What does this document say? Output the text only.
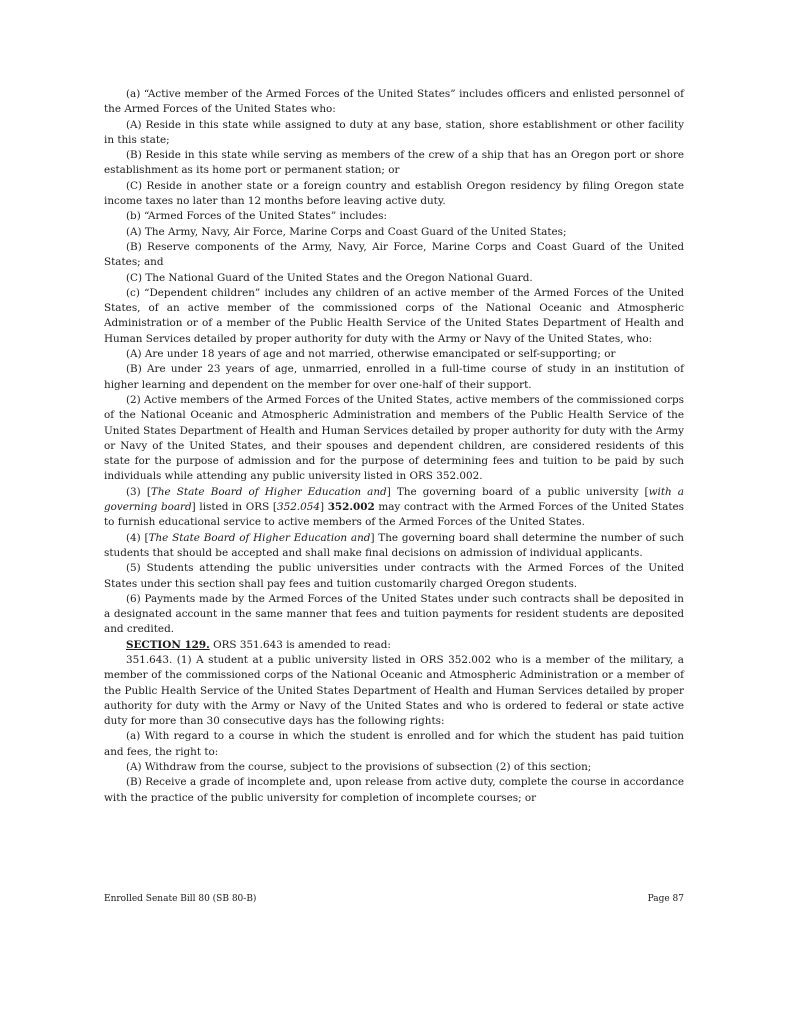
(a) “Active member of the Armed Forces of the United States” includes officers and enlisted personnel of the Armed Forces of the United States who:

(A) Reside in this state while assigned to duty at any base, station, shore establishment or other facility in this state;

(B) Reside in this state while serving as members of the crew of a ship that has an Oregon port or shore establishment as its home port or permanent station; or

(C) Reside in another state or a foreign country and establish Oregon residency by filing Oregon state income taxes no later than 12 months before leaving active duty.

(b) “Armed Forces of the United States” includes:

(A) The Army, Navy, Air Force, Marine Corps and Coast Guard of the United States;

(B) Reserve components of the Army, Navy, Air Force, Marine Corps and Coast Guard of the United States; and

(C) The National Guard of the United States and the Oregon National Guard.

(c) “Dependent children” includes any children of an active member of the Armed Forces of the United States, of an active member of the commissioned corps of the National Oceanic and Atmospheric Administration or of a member of the Public Health Service of the United States Department of Health and Human Services detailed by proper authority for duty with the Army or Navy of the United States, who:

(A) Are under 18 years of age and not married, otherwise emancipated or self-supporting; or

(B) Are under 23 years of age, unmarried, enrolled in a full-time course of study in an institution of higher learning and dependent on the member for over one-half of their support.

(2) Active members of the Armed Forces of the United States, active members of the commissioned corps of the National Oceanic and Atmospheric Administration and members of the Public Health Service of the United States Department of Health and Human Services detailed by proper authority for duty with the Army or Navy of the United States, and their spouses and dependent children, are considered residents of this state for the purpose of admission and for the purpose of determining fees and tuition to be paid by such individuals while attending any public university listed in ORS 352.002.

(3) [The State Board of Higher Education and] The governing board of a public university [with a governing board] listed in ORS [352.054] 352.002 may contract with the Armed Forces of the United States to furnish educational service to active members of the Armed Forces of the United States.

(4) [The State Board of Higher Education and] The governing board shall determine the number of such students that should be accepted and shall make final decisions on admission of individual applicants.

(5) Students attending the public universities under contracts with the Armed Forces of the United States under this section shall pay fees and tuition customarily charged Oregon students.

(6) Payments made by the Armed Forces of the United States under such contracts shall be deposited in a designated account in the same manner that fees and tuition payments for resident students are deposited and credited.

SECTION 129. ORS 351.643 is amended to read:

351.643. (1) A student at a public university listed in ORS 352.002 who is a member of the military, a member of the commissioned corps of the National Oceanic and Atmospheric Administration or a member of the Public Health Service of the United States Department of Health and Human Services detailed by proper authority for duty with the Army or Navy of the United States and who is ordered to federal or state active duty for more than 30 consecutive days has the following rights:

(a) With regard to a course in which the student is enrolled and for which the student has paid tuition and fees, the right to:

(A) Withdraw from the course, subject to the provisions of subsection (2) of this section;

(B) Receive a grade of incomplete and, upon release from active duty, complete the course in accordance with the practice of the public university for completion of incomplete courses; or

Enrolled Senate Bill 80 (SB 80-B)	Page 87
